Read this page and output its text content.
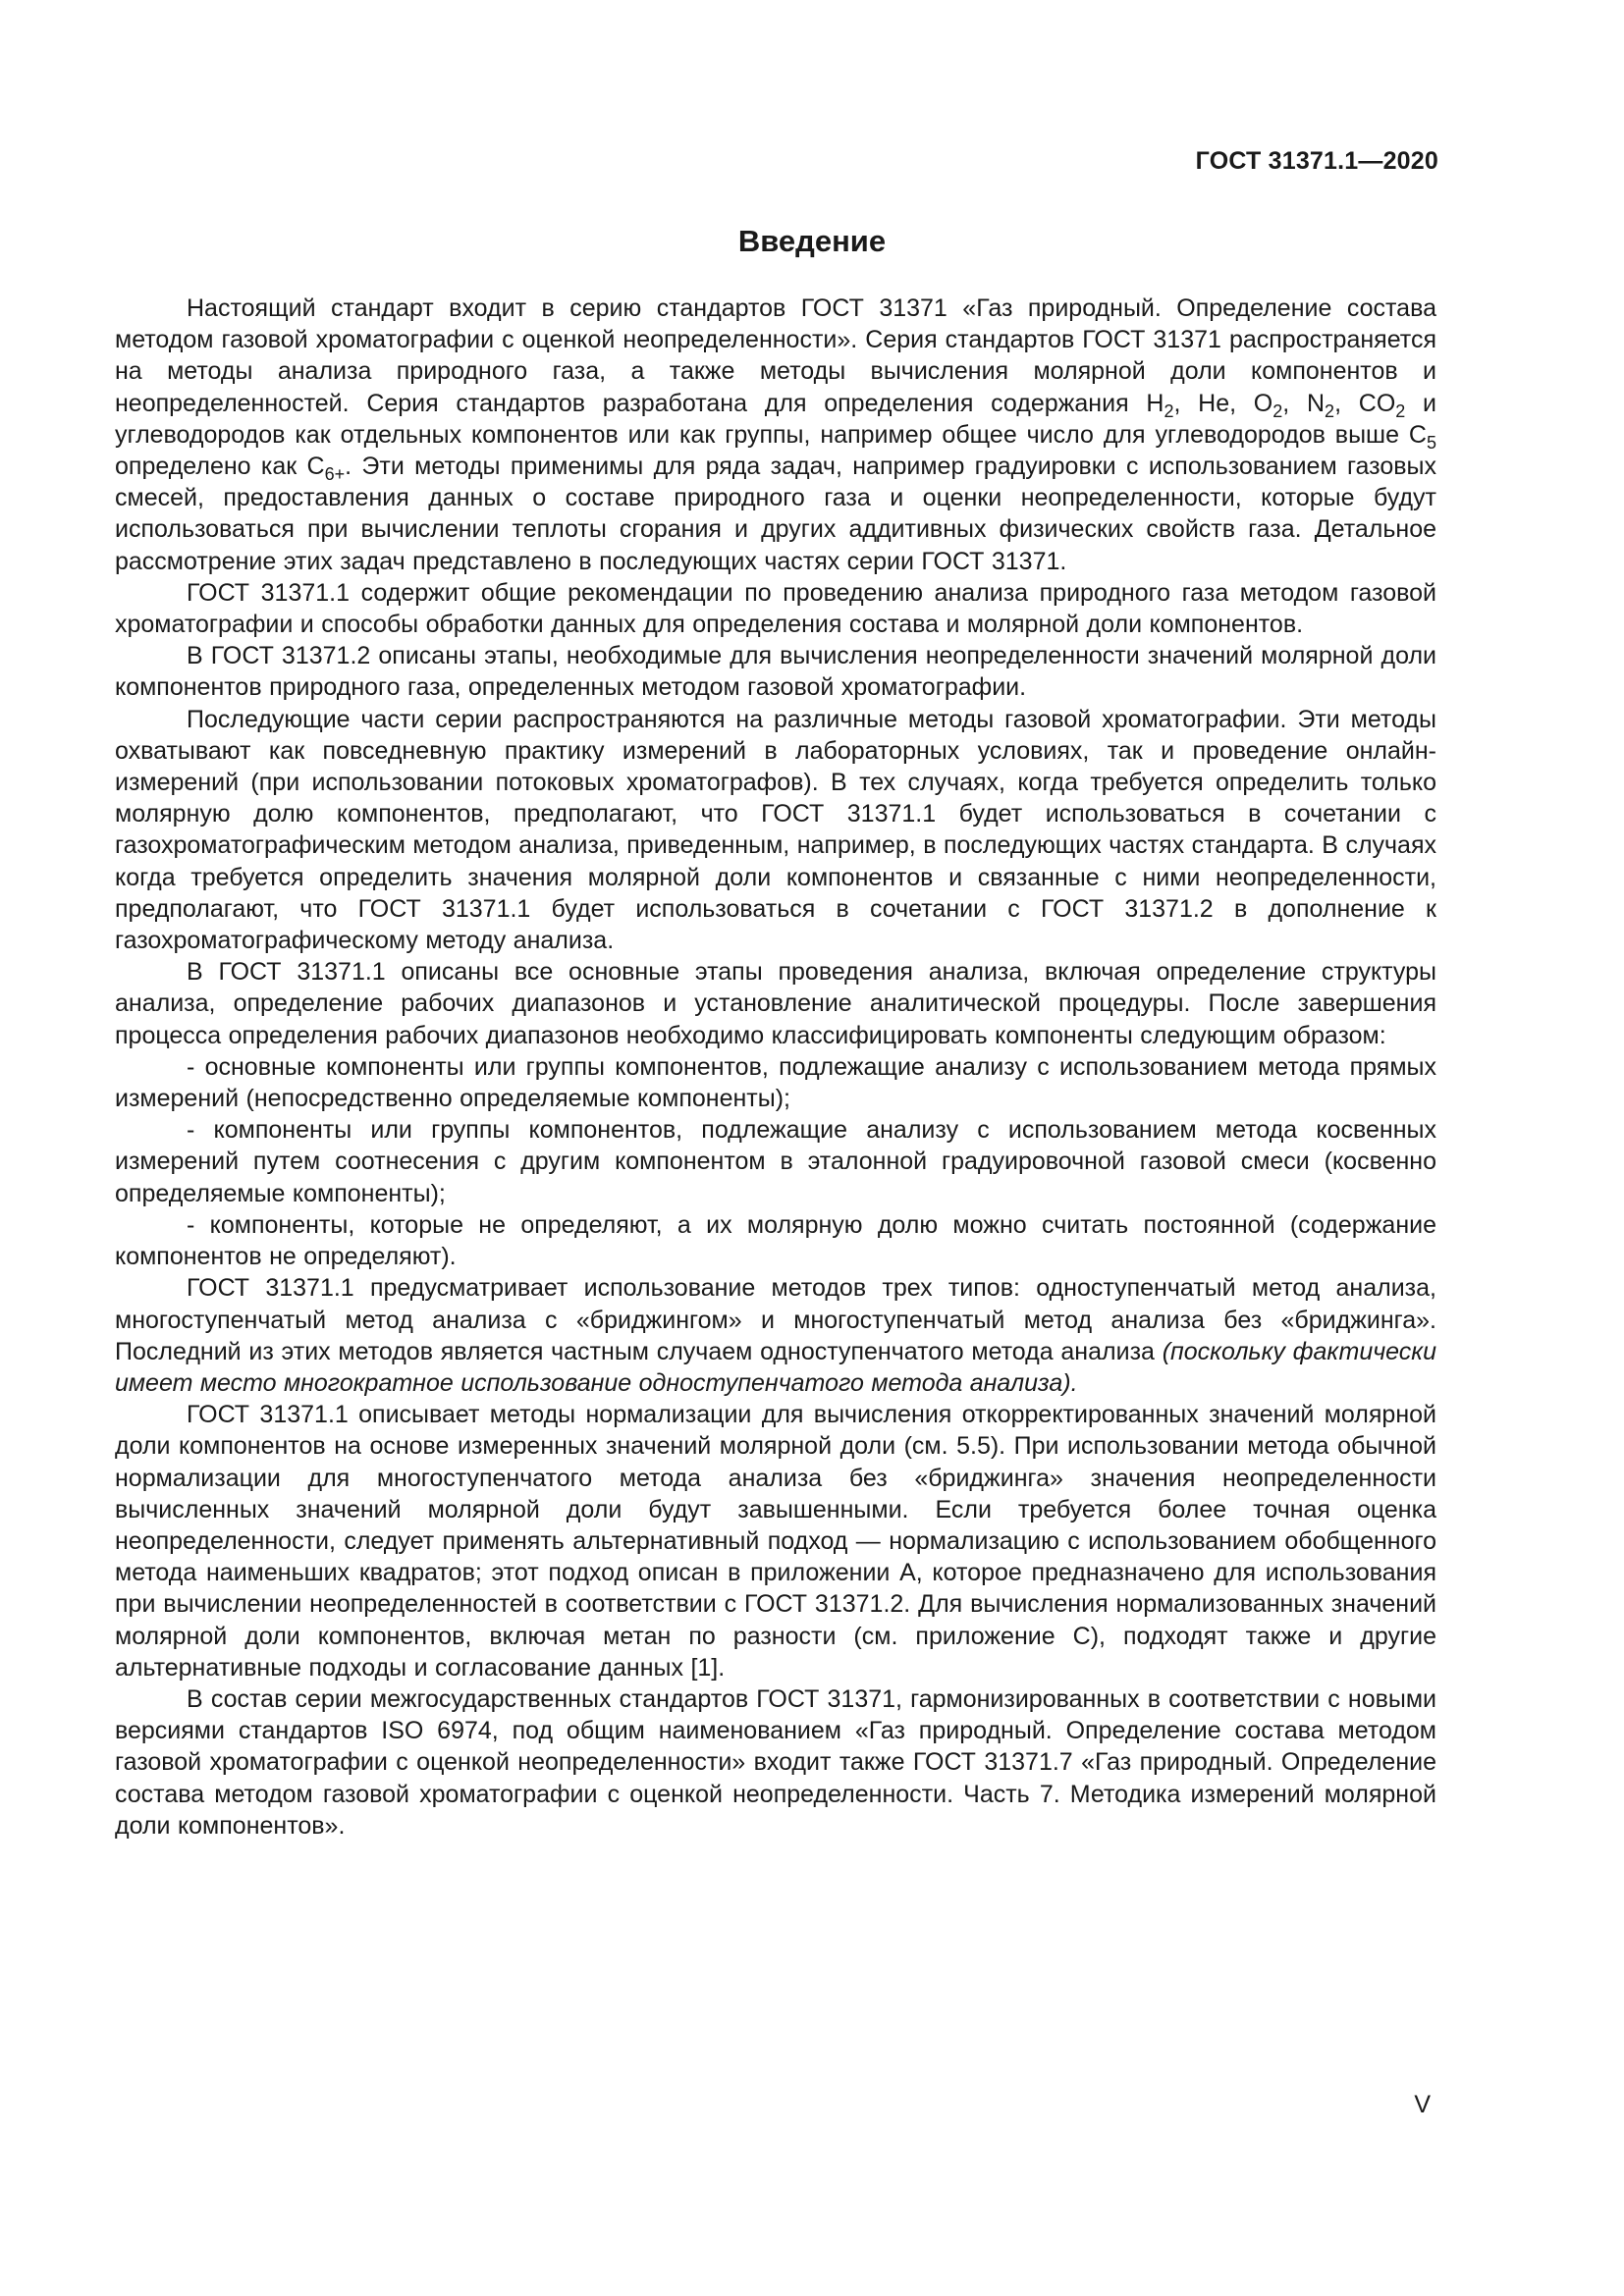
ГОСТ 31371.1—2020

Введение

Настоящий стандарт входит в серию стандартов ГОСТ 31371 «Газ природный. Определение состава методом газовой хроматографии с оценкой неопределенности». Серия стандартов ГОСТ 31371 распространяется на методы анализа природного газа, а также методы вычисления молярной доли компонентов и неопределенностей. Серия стандартов разработана для определения содержания $H_2$, He, $O_2$, $N_2$, $CO_2$ и углеводородов как отдельных компонентов или как группы, например общее число для углеводородов выше $С_5$ определено как $С_{6+}$. Эти методы применимы для ряда задач, например градуировки с использованием газовых смесей, предоставления данных о составе природного газа и оценки неопределенности, которые будут использоваться при вычислении теплоты сгорания и других аддитивных физических свойств газа. Детальное рассмотрение этих задач представлено в последующих частях серии ГОСТ 31371.

ГОСТ 31371.1 содержит общие рекомендации по проведению анализа природного газа методом газовой хроматографии и способы обработки данных для определения состава и молярной доли компонентов.

В ГОСТ 31371.2 описаны этапы, необходимые для вычисления неопределенности значений молярной доли компонентов природного газа, определенных методом газовой хроматографии.

Последующие части серии распространяются на различные методы газовой хроматографии. Эти методы охватывают как повседневную практику измерений в лабораторных условиях, так и проведение онлайн-измерений (при использовании потоковых хроматографов). В тех случаях, когда требуется определить только молярную долю компонентов, предполагают, что ГОСТ 31371.1 будет использоваться в сочетании с газохроматографическим методом анализа, приведенным, например, в последующих частях стандарта. В случаях когда требуется определить значения молярной доли компонентов и связанные с ними неопределенности, предполагают, что ГОСТ 31371.1 будет использоваться в сочетании с ГОСТ 31371.2 в дополнение к газохроматографическому методу анализа.

В ГОСТ 31371.1 описаны все основные этапы проведения анализа, включая определение структуры анализа, определение рабочих диапазонов и установление аналитической процедуры. После завершения процесса определения рабочих диапазонов необходимо классифицировать компоненты следующим образом:

- основные компоненты или группы компонентов, подлежащие анализу с использованием метода прямых измерений (непосредственно определяемые компоненты);

- компоненты или группы компонентов, подлежащие анализу с использованием метода косвенных измерений путем соотнесения с другим компонентом в эталонной градуировочной газовой смеси (косвенно определяемые компоненты);

- компоненты, которые не определяют, а их молярную долю можно считать постоянной (содержание компонентов не определяют).

ГОСТ 31371.1 предусматривает использование методов трех типов: одноступенчатый метод анализа, многоступенчатый метод анализа с «бриджингом» и многоступенчатый метод анализа без «бриджинга». Последний из этих методов является частным случаем одноступенчатого метода анализа (поскольку фактически имеет место многократное использование одноступенчатого метода анализа).

ГОСТ 31371.1 описывает методы нормализации для вычисления откорректированных значений молярной доли компонентов на основе измеренных значений молярной доли (см. 5.5). При использовании метода обычной нормализации для многоступенчатого метода анализа без «бриджинга» значения неопределенности вычисленных значений молярной доли будут завышенными. Если требуется более точная оценка неопределенности, следует применять альтернативный подход — нормализацию с использованием обобщенного метода наименьших квадратов; этот подход описан в приложении А, которое предназначено для использования при вычислении неопределенностей в соответствии с ГОСТ 31371.2. Для вычисления нормализованных значений молярной доли компонентов, включая метан по разности (см. приложение С), подходят также и другие альтернативные подходы и согласование данных [1].

В состав серии межгосударственных стандартов ГОСТ 31371, гармонизированных в соответствии с новыми версиями стандартов ISO 6974, под общим наименованием «Газ природный. Определение состава методом газовой хроматографии с оценкой неопределенности» входит также ГОСТ 31371.7 «Газ природный. Определение состава методом газовой хроматографии с оценкой неопределенности. Часть 7. Методика измерений молярной доли компонентов».

V
